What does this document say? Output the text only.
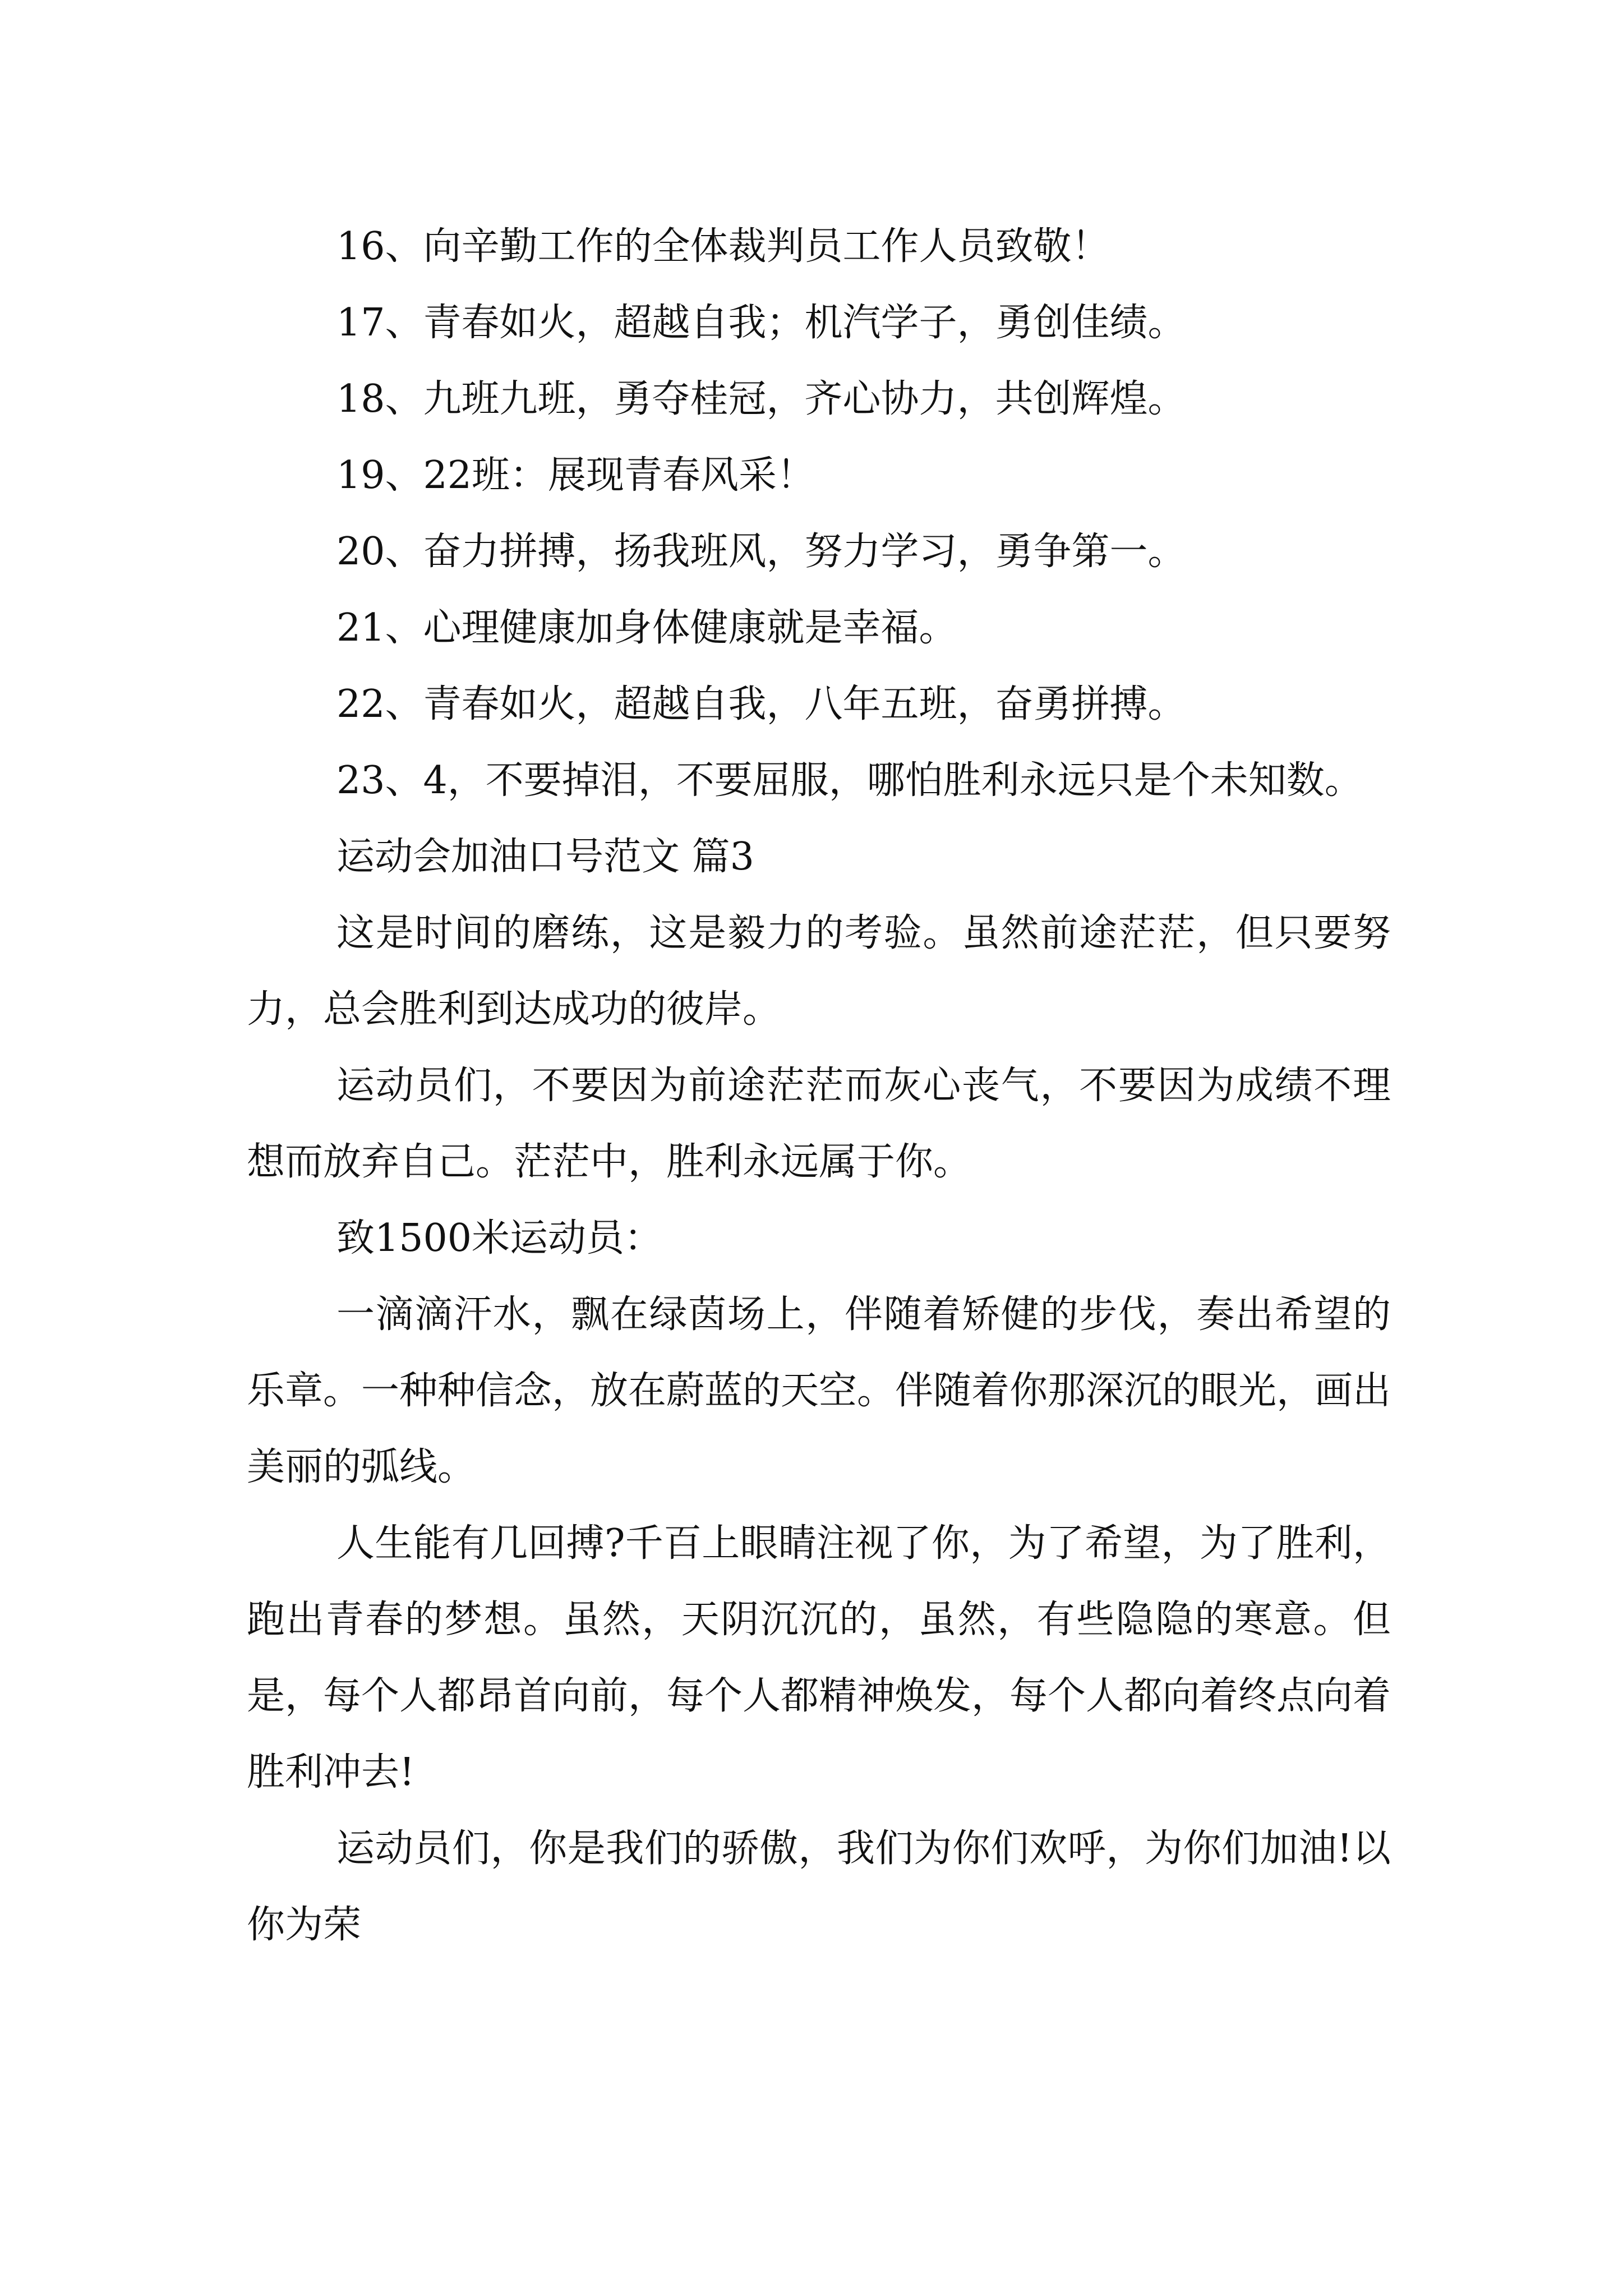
16、向辛勤工作的全体裁判员工作人员致敬！

17、青春如火，超越自我；机汽学子，勇创佳绩。

18、九班九班，勇夺桂冠，齐心协力，共创辉煌。

19、22班：展现青春风采！

20、奋力拼搏，扬我班风，努力学习，勇争第一。

21、心理健康加身体健康就是幸福。

22、青春如火，超越自我，八年五班，奋勇拼搏。

23、4，不要掉泪，不要屈服，哪怕胜利永远只是个未知数。

运动会加油口号范文 篇3

这是时间的磨练，这是毅力的考验。虽然前途茫茫，但只要努力，总会胜利到达成功的彼岸。

运动员们，不要因为前途茫茫而灰心丧气，不要因为成绩不理想而放弃自己。茫茫中，胜利永远属于你。

致1500米运动员：

一滴滴汗水，飘在绿茵场上，伴随着矫健的步伐，奏出希望的乐章。一种种信念，放在蔚蓝的天空。伴随着你那深沉的眼光，画出美丽的弧线。

人生能有几回搏?千百上眼睛注视了你，为了希望，为了胜利，跑出青春的梦想。虽然，天阴沉沉的，虽然，有些隐隐的寒意。但是，每个人都昂首向前，每个人都精神焕发，每个人都向着终点向着胜利冲去!

运动员们，你是我们的骄傲，我们为你们欢呼，为你们加油!以你为荣
